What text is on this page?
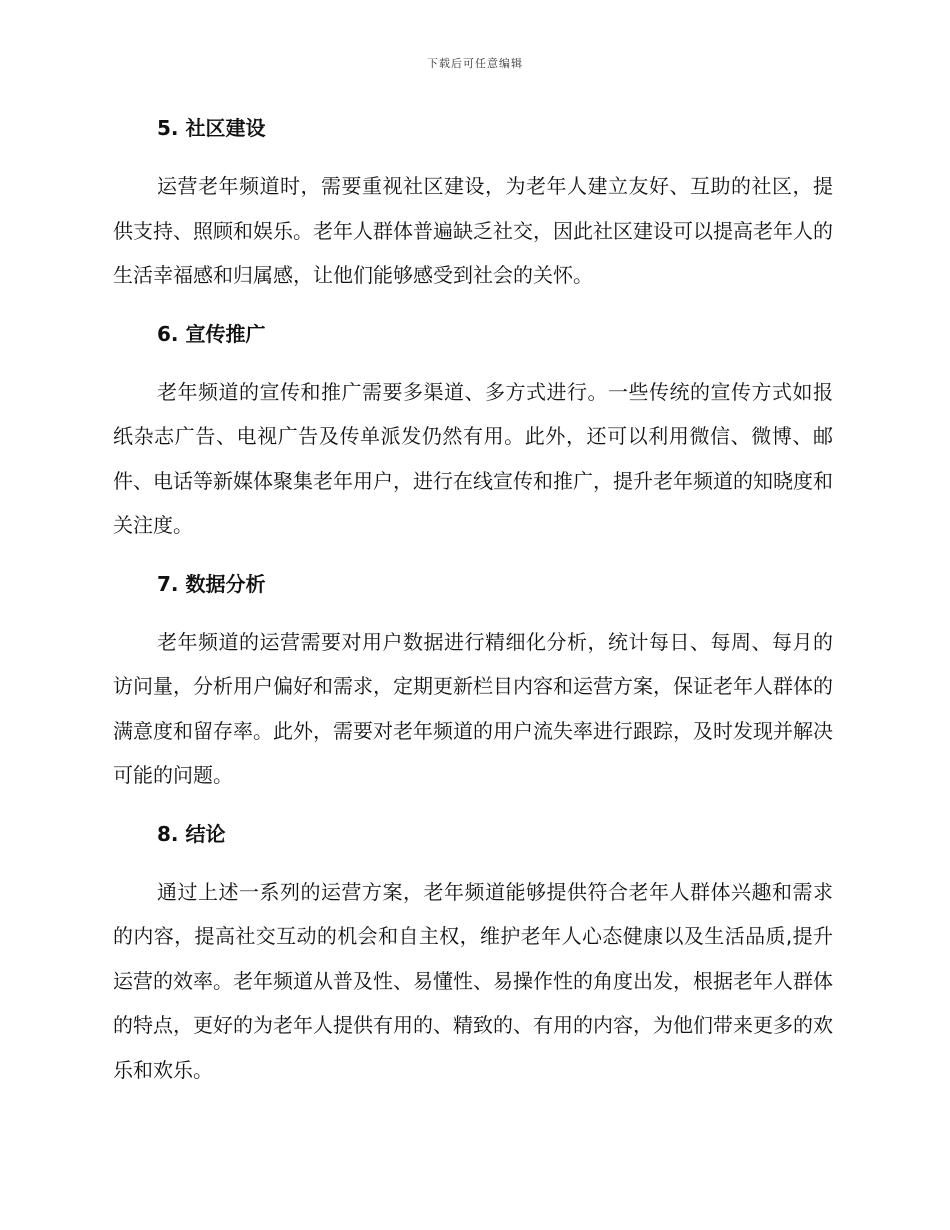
下载后可任意编辑
5. 社区建设

运营老年频道时，需要重视社区建设，为老年人建立友好、互助的社区，提供支持、照顾和娱乐。老年人群体普遍缺乏社交，因此社区建设可以提高老年人的生活幸福感和归属感，让他们能够感受到社会的关怀。

6. 宣传推广

老年频道的宣传和推广需要多渠道、多方式进行。一些传统的宣传方式如报纸杂志广告、电视广告及传单派发仍然有用。此外，还可以利用微信、微博、邮件、电话等新媒体聚集老年用户，进行在线宣传和推广，提升老年频道的知晓度和关注度。

7. 数据分析

老年频道的运营需要对用户数据进行精细化分析，统计每日、每周、每月的访问量，分析用户偏好和需求，定期更新栏目内容和运营方案，保证老年人群体的满意度和留存率。此外，需要对老年频道的用户流失率进行跟踪，及时发现并解决可能的问题。

8. 结论

通过上述一系列的运营方案，老年频道能够提供符合老年人群体兴趣和需求的内容，提高社交互动的机会和自主权，维护老年人心态健康以及生活品质,提升运营的效率。老年频道从普及性、易懂性、易操作性的角度出发，根据老年人群体的特点，更好的为老年人提供有用的、精致的、有用的内容，为他们带来更多的欢乐和欢乐。
